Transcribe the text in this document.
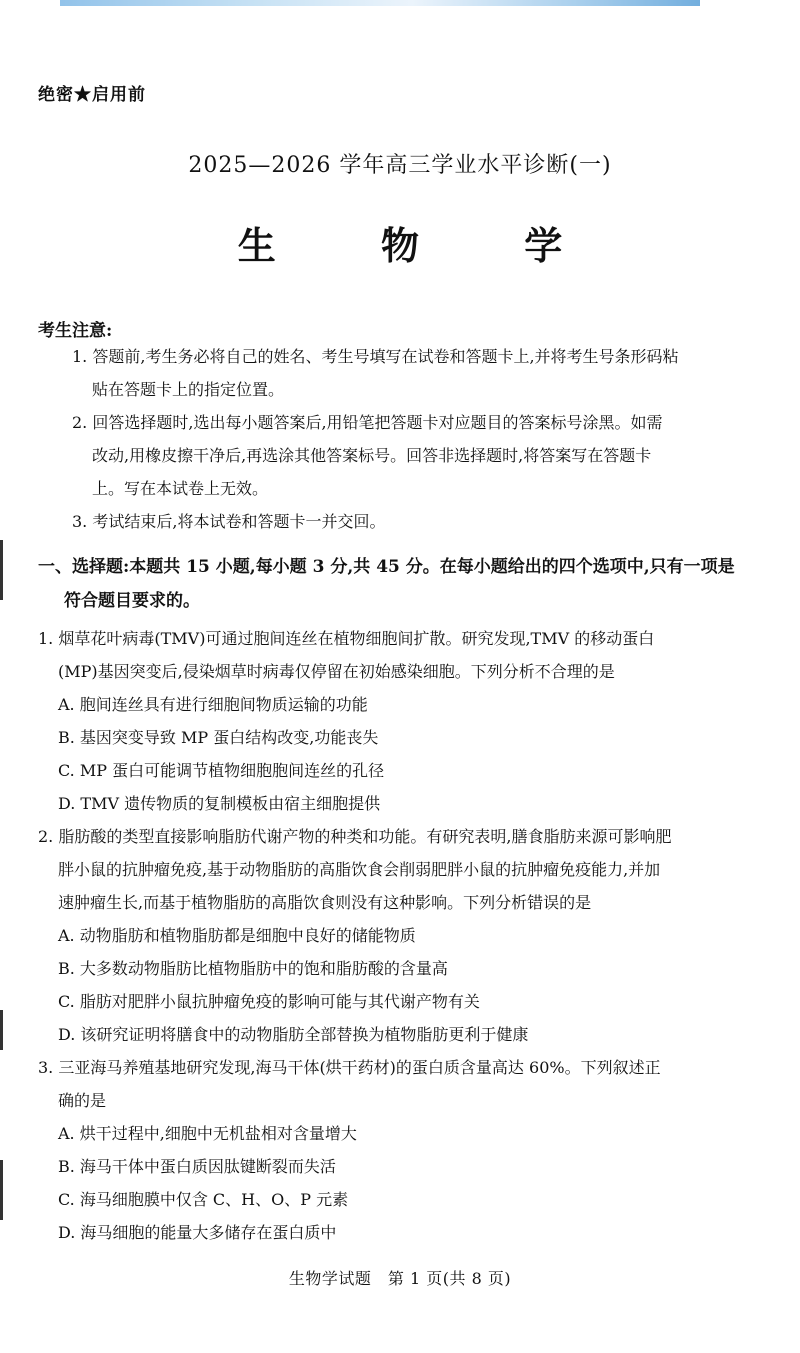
绝密★启用前
2025—2026 学年高三学业水平诊断(一)
生 物 学
考生注意:
1. 答题前,考生务必将自己的姓名、考生号填写在试卷和答题卡上,并将考生号条形码粘
贴在答题卡上的指定位置。
2. 回答选择题时,选出每小题答案后,用铅笔把答题卡对应题目的答案标号涂黑。如需
改动,用橡皮擦干净后,再选涂其他答案标号。回答非选择题时,将答案写在答题卡
上。写在本试卷上无效。
3. 考试结束后,将本试卷和答题卡一并交回。
一、选择题:本题共 15 小题,每小题 3 分,共 45 分。在每小题给出的四个选项中,只有一项是
符合题目要求的。
1. 烟草花叶病毒(TMV)可通过胞间连丝在植物细胞间扩散。研究发现,TMV 的移动蛋白
(MP)基因突变后,侵染烟草时病毒仅停留在初始感染细胞。下列分析不合理的是
A. 胞间连丝具有进行细胞间物质运输的功能
B. 基因突变导致 MP 蛋白结构改变,功能丧失
C. MP 蛋白可能调节植物细胞胞间连丝的孔径
D. TMV 遗传物质的复制模板由宿主细胞提供
2. 脂肪酸的类型直接影响脂肪代谢产物的种类和功能。有研究表明,膳食脂肪来源可影响肥
胖小鼠的抗肿瘤免疫,基于动物脂肪的高脂饮食会削弱肥胖小鼠的抗肿瘤免疫能力,并加
速肿瘤生长,而基于植物脂肪的高脂饮食则没有这种影响。下列分析错误的是
A. 动物脂肪和植物脂肪都是细胞中良好的储能物质
B. 大多数动物脂肪比植物脂肪中的饱和脂肪酸的含量高
C. 脂肪对肥胖小鼠抗肿瘤免疫的影响可能与其代谢产物有关
D. 该研究证明将膳食中的动物脂肪全部替换为植物脂肪更利于健康
3. 三亚海马养殖基地研究发现,海马干体(烘干药材)的蛋白质含量高达 60%。下列叙述正
确的是
A. 烘干过程中,细胞中无机盐相对含量增大
B. 海马干体中蛋白质因肽键断裂而失活
C. 海马细胞膜中仅含 C、H、O、P 元素
D. 海马细胞的能量大多储存在蛋白质中
生物学试题　第 1 页(共 8 页)
